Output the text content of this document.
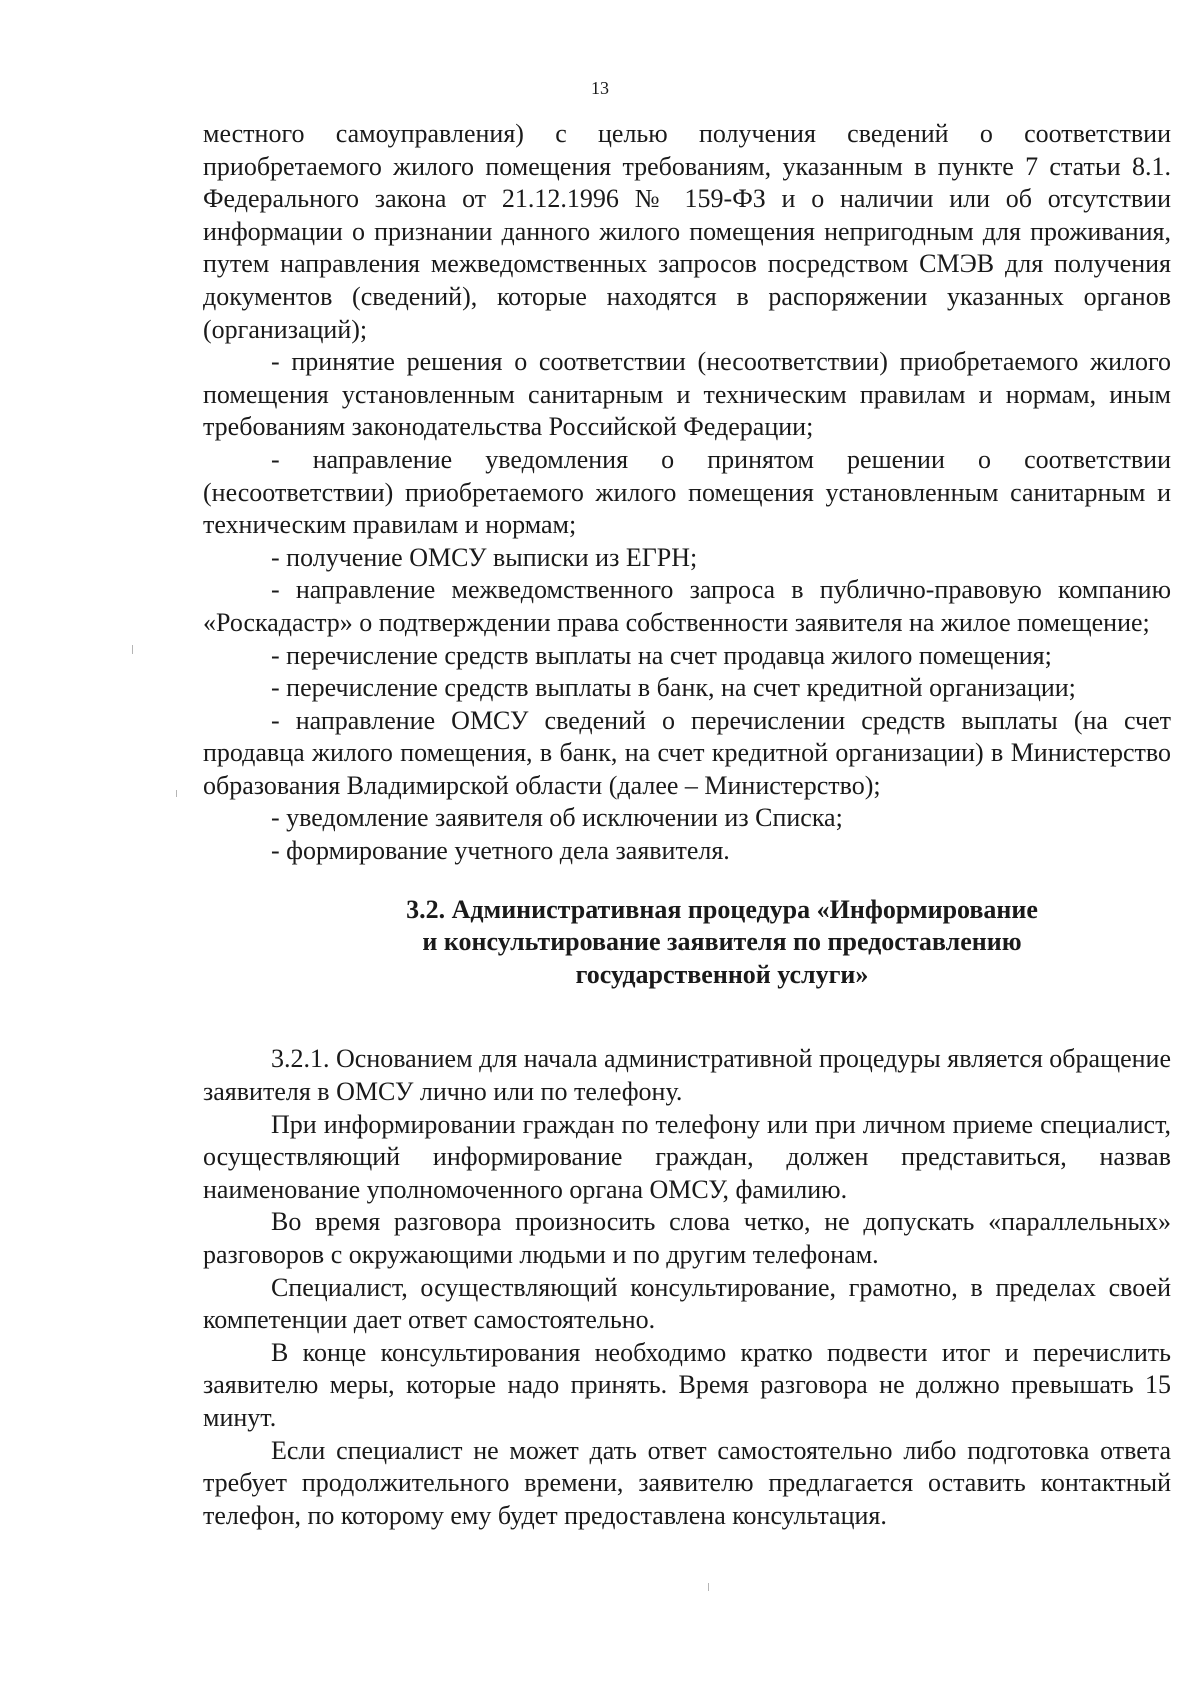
13

местного самоуправления) с целью получения сведений о соответствии приобретаемого жилого помещения требованиям, указанным в пункте 7 статьи 8.1. Федерального закона от 21.12.1996 № 159-ФЗ и о наличии или об отсутствии информации о признании данного жилого помещения непригодным для проживания, путем направления межведомственных запросов посредством СМЭВ для получения документов (сведений), которые находятся в распоряжении указанных органов (организаций);

- принятие решения о соответствии (несоответствии) приобретаемого жилого помещения установленным санитарным и техническим правилам и нормам, иным требованиям законодательства Российской Федерации;

- направление уведомления о принятом решении о соответствии (несоответствии) приобретаемого жилого помещения установленным санитарным и техническим правилам и нормам;

- получение ОМСУ выписки из ЕГРН;

- направление межведомственного запроса в публично-правовую компанию «Роскадастр» о подтверждении права собственности заявителя на жилое помещение;

- перечисление средств выплаты на счет продавца жилого помещения;

- перечисление средств выплаты в банк, на счет кредитной организации;

- направление ОМСУ сведений о перечислении средств выплаты (на счет продавца жилого помещения, в банк, на счет кредитной организации) в Министерство образования Владимирской области (далее – Министерство);

- уведомление заявителя об исключении из Списка;

- формирование учетного дела заявителя.

3.2. Административная процедура «Информирование
и консультирование заявителя по предоставлению
государственной услуги»

3.2.1. Основанием для начала административной процедуры является обращение заявителя в ОМСУ лично или по телефону.

При информировании граждан по телефону или при личном приеме специалист, осуществляющий информирование граждан, должен представиться, назвав наименование уполномоченного органа ОМСУ, фамилию.

Во время разговора произносить слова четко, не допускать «параллельных» разговоров с окружающими людьми и по другим телефонам.

Специалист, осуществляющий консультирование, грамотно, в пределах своей компетенции дает ответ самостоятельно.

В конце консультирования необходимо кратко подвести итог и перечислить заявителю меры, которые надо принять. Время разговора не должно превышать 15 минут.

Если специалист не может дать ответ самостоятельно либо подготовка ответа требует продолжительного времени, заявителю предлагается оставить контактный телефон, по которому ему будет предоставлена консультация.
